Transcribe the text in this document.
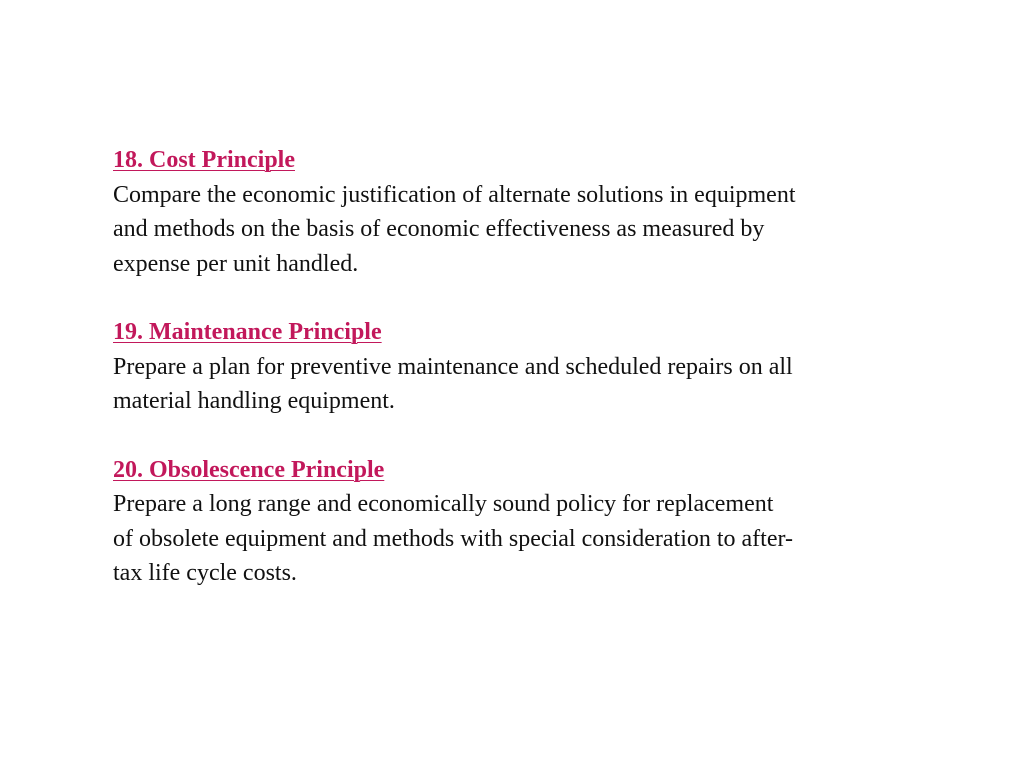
18. Cost Principle
Compare the economic justification of alternate solutions in equipment
and methods on the basis of economic effectiveness as measured by
expense per unit handled.
19. Maintenance Principle
Prepare a plan for preventive maintenance and scheduled repairs on all
material handling equipment.
20. Obsolescence Principle
Prepare a long range and economically sound policy for replacement
of obsolete equipment and methods with special consideration to after-
tax life cycle costs.
